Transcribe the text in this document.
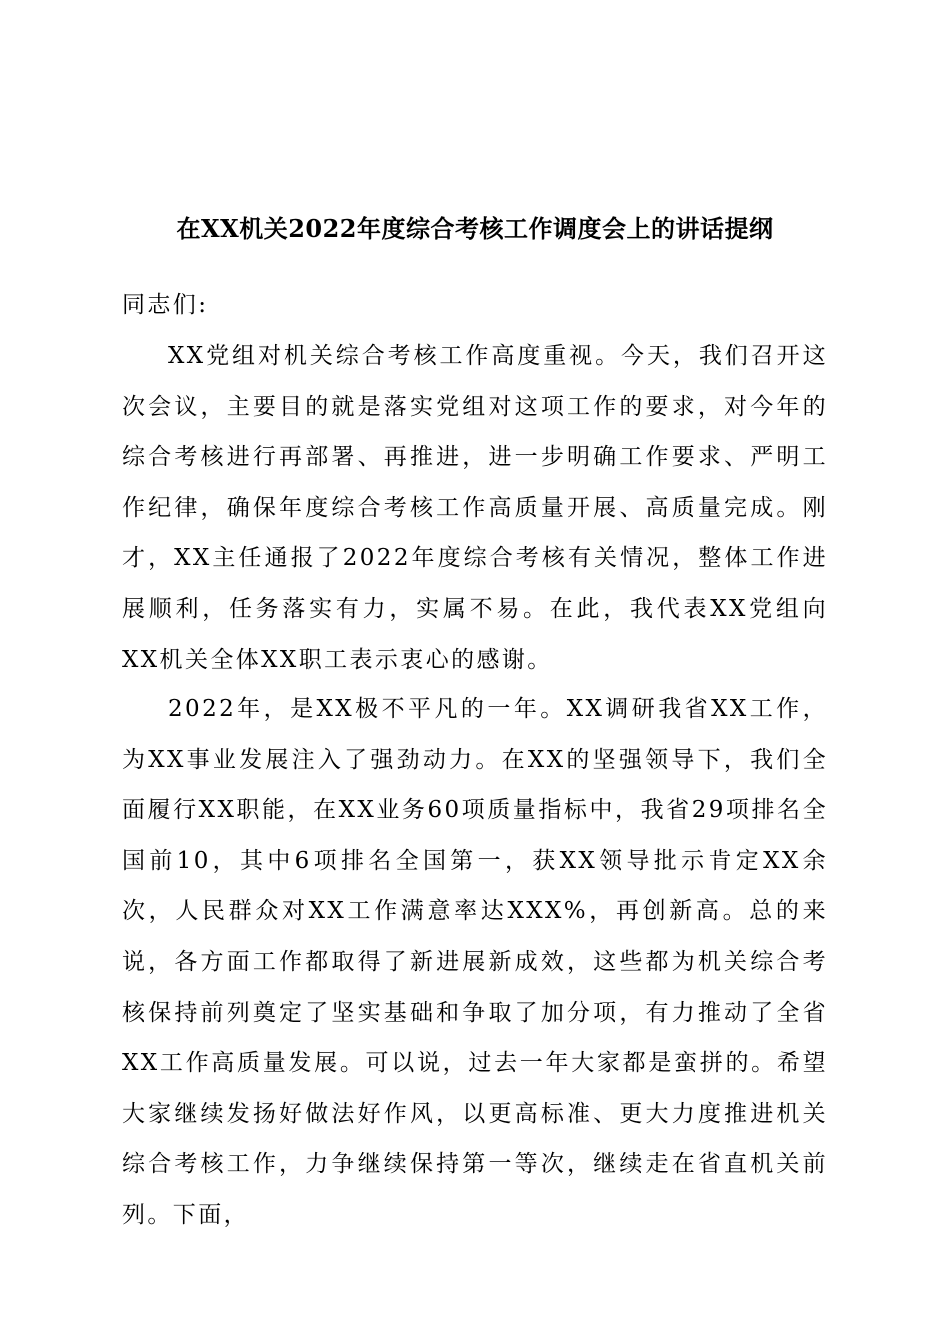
在XX机关2022年度综合考核工作调度会上的讲话提纲

同志们:

XX党组对机关综合考核工作高度重视。今天，我们召开这次会议，主要目的就是落实党组对这项工作的要求，对今年的综合考核进行再部署、再推进，进一步明确工作要求、严明工作纪律，确保年度综合考核工作高质量开展、高质量完成。刚才，XX主任通报了2022年度综合考核有关情况，整体工作进展顺利，任务落实有力，实属不易。在此，我代表XX党组向XX机关全体XX职工表示衷心的感谢。

2022年，是XX极不平凡的一年。XX调研我省XX工作，为XX事业发展注入了强劲动力。在XX的坚强领导下，我们全面履行XX职能，在XX业务60项质量指标中，我省29项排名全国前10，其中6项排名全国第一，获XX领导批示肯定XX余次，人民群众对XX工作满意率达XXX%，再创新高。总的来说，各方面工作都取得了新进展新成效，这些都为机关综合考核保持前列奠定了坚实基础和争取了加分项，有力推动了全省XX工作高质量发展。可以说，过去一年大家都是蛮拼的。希望大家继续发扬好做法好作风，以更高标准、更大力度推进机关综合考核工作，力争继续保持第一等次，继续走在省直机关前列。下面，
